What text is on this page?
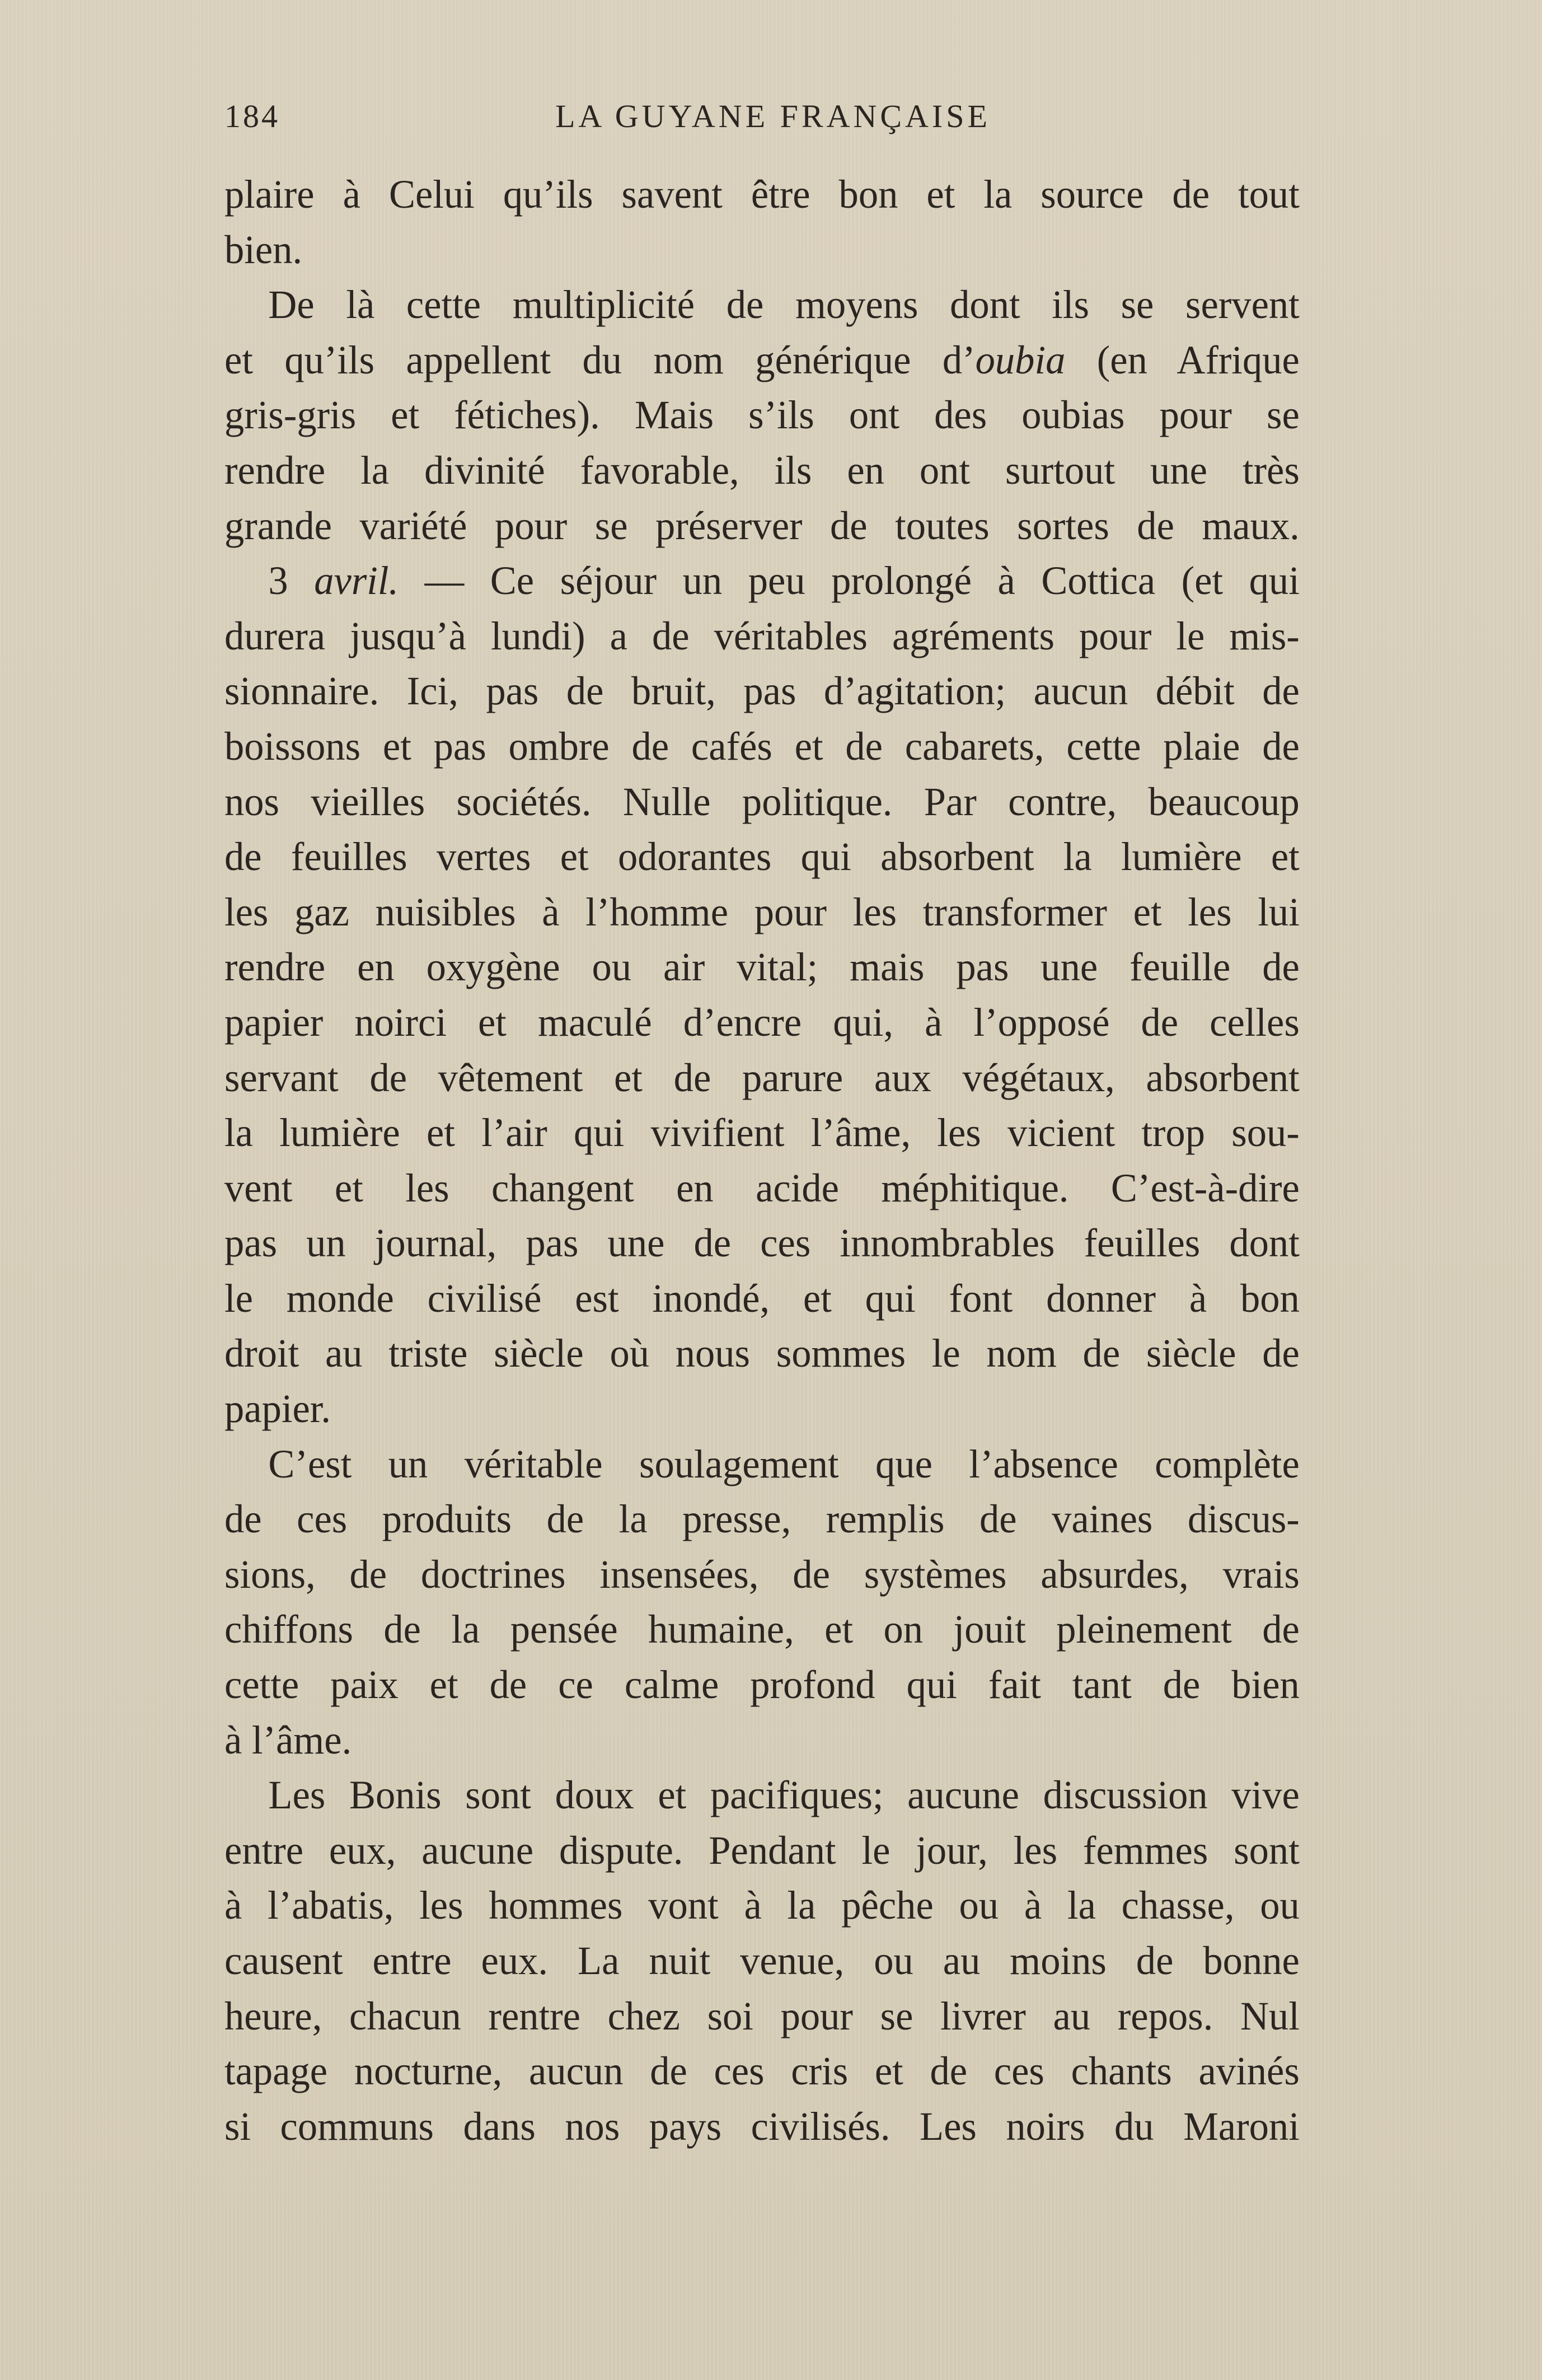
184	LA GUYANE FRANÇAISE
plaire à Celui qu’ils savent être bon et la source de tout
bien.
De là cette multiplicité de moyens dont ils se servent
et qu’ils appellent du nom générique d’oubia (en Afrique
gris-gris et fétiches). Mais s’ils ont des oubias pour se
rendre la divinité favorable, ils en ont surtout une très
grande variété pour se préserver de toutes sortes de maux.
3 avril. — Ce séjour un peu prolongé à Cottica (et qui
durera jusqu’à lundi) a de véritables agréments pour le mis-
sionnaire. Ici, pas de bruit, pas d’agitation; aucun débit de
boissons et pas ombre de cafés et de cabarets, cette plaie de
nos vieilles sociétés. Nulle politique. Par contre, beaucoup
de feuilles vertes et odorantes qui absorbent la lumière et
les gaz nuisibles à l’homme pour les transformer et les lui
rendre en oxygène ou air vital; mais pas une feuille de
papier noirci et maculé d’encre qui, à l’opposé de celles
servant de vêtement et de parure aux végétaux, absorbent
la lumière et l’air qui vivifient l’âme, les vicient trop sou-
vent et les changent en acide méphitique. C’est-à-dire
pas un journal, pas une de ces innombrables feuilles dont
le monde civilisé est inondé, et qui font donner à bon
droit au triste siècle où nous sommes le nom de siècle de
papier.
C’est un véritable soulagement que l’absence complète
de ces produits de la presse, remplis de vaines discus-
sions, de doctrines insensées, de systèmes absurdes, vrais
chiffons de la pensée humaine, et on jouit pleinement de
cette paix et de ce calme profond qui fait tant de bien
à l’âme.
Les Bonis sont doux et pacifiques; aucune discussion vive
entre eux, aucune dispute. Pendant le jour, les femmes sont
à l’abatis, les hommes vont à la pêche ou à la chasse, ou
causent entre eux. La nuit venue, ou au moins de bonne
heure, chacun rentre chez soi pour se livrer au repos. Nul
tapage nocturne, aucun de ces cris et de ces chants avinés
si communs dans nos pays civilisés. Les noirs du Maroni
